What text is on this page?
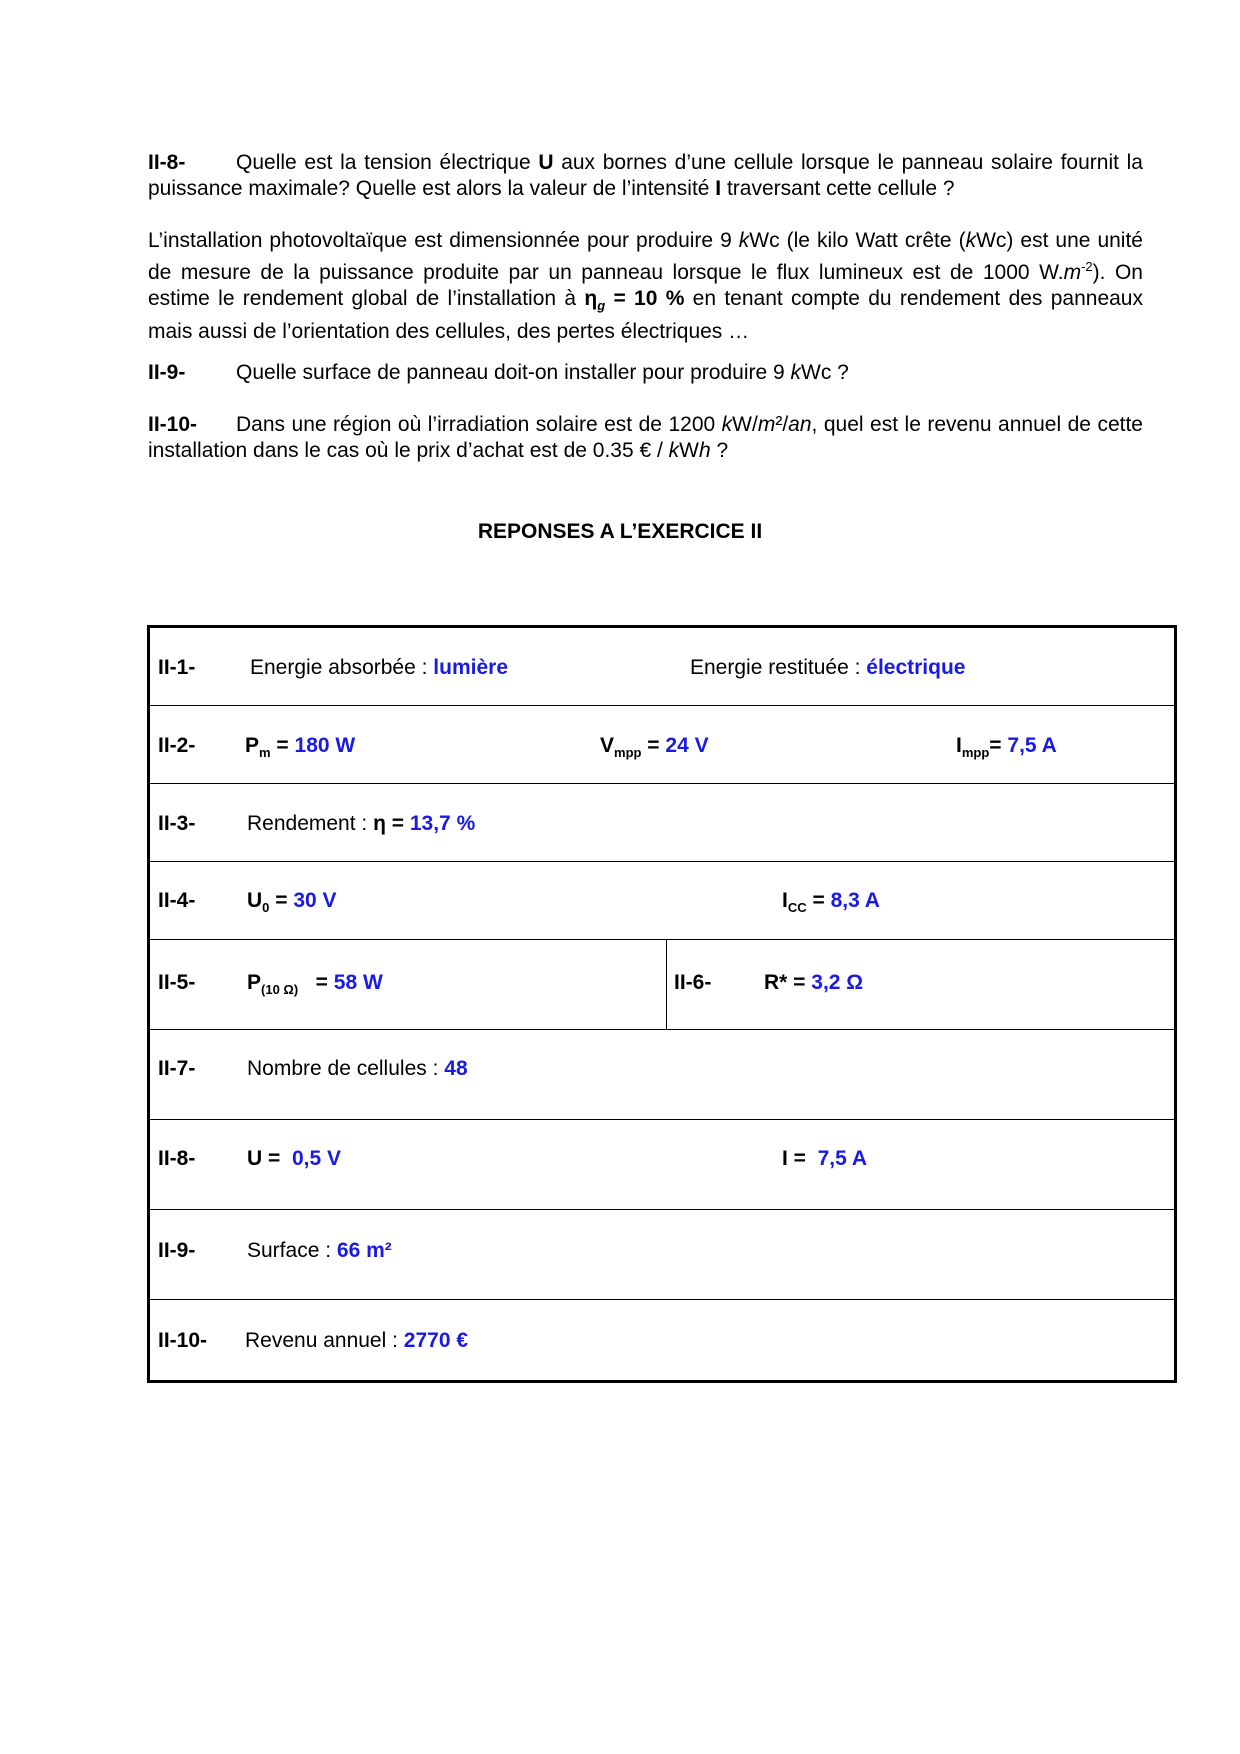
II-8- Quelle est la tension électrique U aux bornes d’une cellule lorsque le panneau solaire fournit la puissance maximale? Quelle est alors la valeur de l’intensité I traversant cette cellule ?
L’installation photovoltaïque est dimensionnée pour produire 9 kWc (le kilo Watt crête (kWc) est une unité de mesure de la puissance produite par un panneau lorsque le flux lumineux est de 1000 $W.m^{-2}$). On estime le rendement global de l’installation à $\eta_g = 10$ % en tenant compte du rendement des panneaux mais aussi de l’orientation des cellules, des pertes électriques …
II-9- Quelle surface de panneau doit-on installer pour produire 9 kWc ?
II-10- Dans une région où l’irradiation solaire est de 1200 kW/m²/an, quel est le revenu annuel de cette installation dans le cas où le prix d’achat est de 0.35 € / kWh ?
REPONSES A L’EXERCICE II
II-1-	Energie absorbée : lumière	Energie restituée : électrique
II-2- $P_m = 180$ W	$V_{mpp} = 24$ V	$I_{mpp}= 7,5$ A
II-3- Rendement : η = 13,7 %
II-4- $U_0 = 30$ V	$I_{CC} = 8,3$ A
II-5- $P_{(10 \Omega)} = 58$ W	II-6-	R* = 3,2 Ω
II-7- Nombre de cellules : 48
II-8- U =  0,5 V	I =  7,5 A
II-9- Surface : 66 m²
II-10- Revenu annuel : 2770 €
